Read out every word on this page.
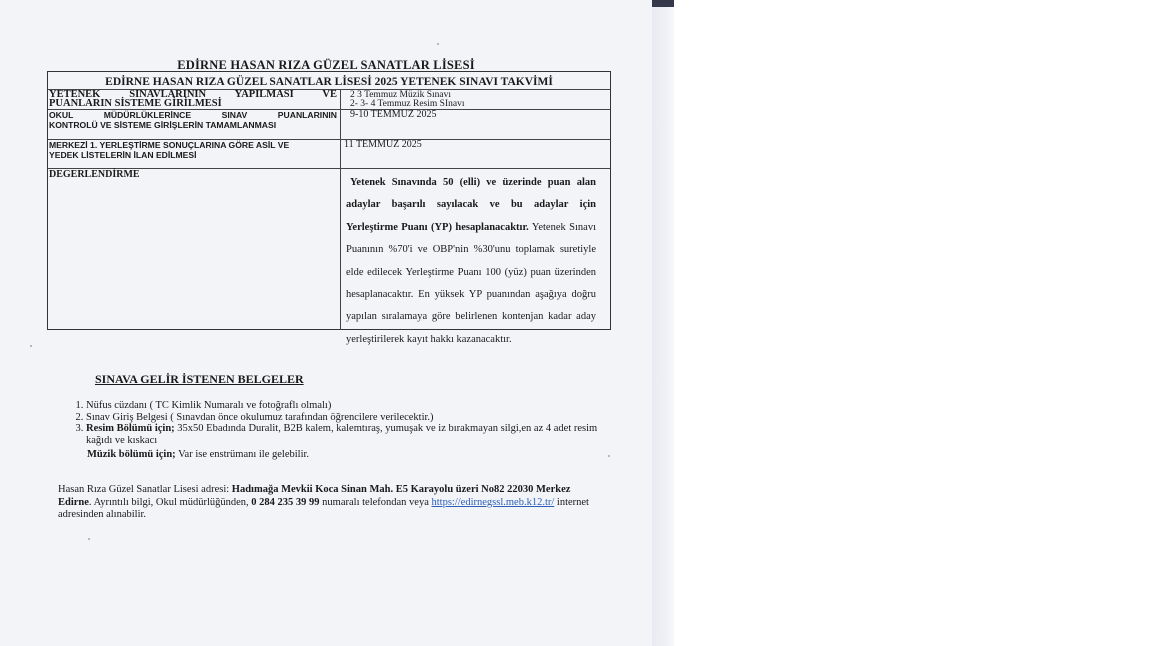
EDİRNE HASAN RIZA GÜZEL SANATLAR LİSESİ
EDİRNE HASAN RIZA GÜZEL SANATLAR LİSESİ 2025 YETENEK SINAVI TAKVİMİ
YETENEK SINAVLARININ YAPILMASI VE
PUANLARIN SİSTEME GİRİLMESİ
2 3 Temmuz Müzik Sınavı
2- 3- 4 Temmuz Resim SInavı
OKUL MÜDÜRLÜKLERİNCE SINAV PUANLARININ
KONTROLÜ VE SİSTEME GİRİŞLERİN TAMAMLANMASI
9-10 TEMMUZ 2025
MERKEZİ 1. YERLEŞTİRME SONUÇLARINA GÖRE ASİL VE
YEDEK LİSTELERİN İLAN EDİLMESİ
11 TEMMUZ 2025
DEGERLENDİRME
Yetenek Sınavında 50 (elli) ve üzerinde puan alan adaylar başarılı sayılacak ve bu adaylar için Yerleştirme Puanı (YP) hesaplanacaktır. Yetenek Sınavı Puanının %70'i ve OBP'nin %30'unu toplamak suretiyle elde edilecek Yerleştirme Puanı 100 (yüz) puan üzerinden hesaplanacaktır. En yüksek YP puanından aşağıya doğru yapılan sıralamaya göre belirlenen kontenjan kadar aday yerleştirilerek kayıt hakkı kazanacaktır.
SINAVA GELİR İSTENEN BELGELER
1. Nüfus cüzdanı ( TC Kimlik Numaralı ve fotoğraflı olmalı)
2. Sınav Giriş Belgesi ( Sınavdan önce okulumuz tarafından öğrencilere verilecektir.)
3. Resim Bölümü için; 35x50 Ebadında Duralit, B2B kalem, kalemtıraş, yumuşak ve iz bırakmayan silgi,en az 4 adet resim kağıdı ve kıskacı
Müzik bölümü için; Var ise enstrümanı ile gelebilir.
Hasan Rıza Güzel Sanatlar Lisesi adresi: Hadımağa Mevkii Koca Sinan Mah. E5 Karayolu üzeri No82 22030 Merkez Edirne. Ayrıntılı bilgi, Okul müdürlüğünden, 0 284 235 39 99 numaralı telefondan veya https://edirnegssl.meb.k12.tr/ internet adresinden alınabilir.
